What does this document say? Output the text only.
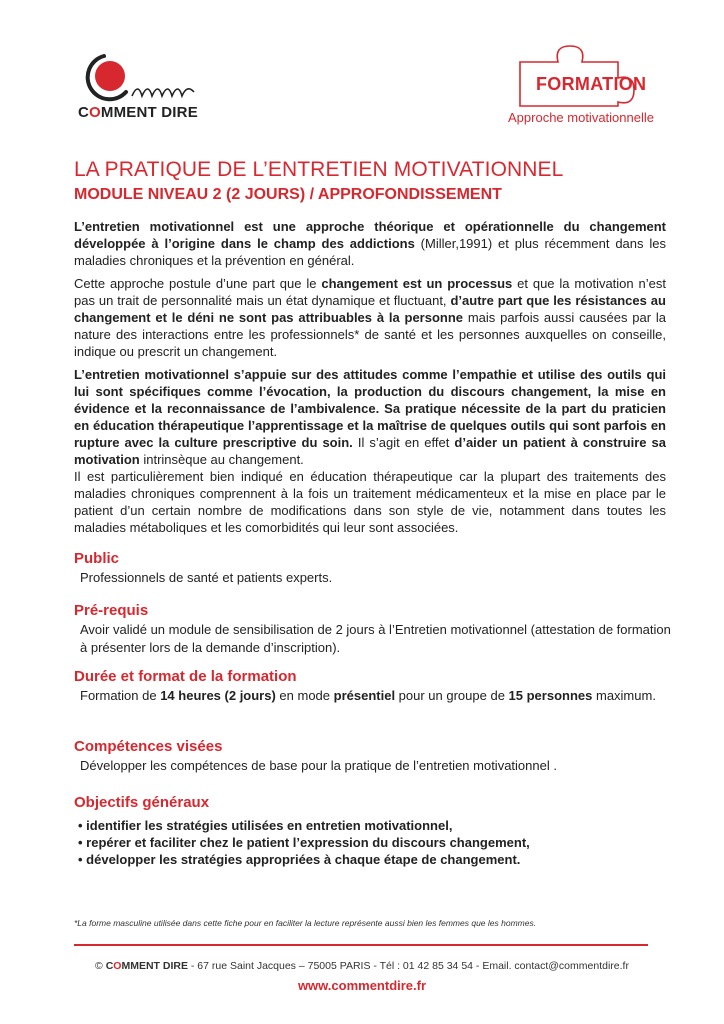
COMMENT DIRE
FORMATION
Approche motivationnelle
LA PRATIQUE DE L’ENTRETIEN MOTIVATIONNEL
MODULE NIVEAU 2 (2 JOURS) / APPROFONDISSEMENT

L’entretien motivationnel est une approche théorique et opérationnelle du changement développée à l’origine dans le champ des addictions (Miller,1991) et plus récemment dans les maladies chroniques et la prévention en général.

Cette approche postule d’une part que le changement est un processus et que la motivation n’est pas un trait de personnalité mais un état dynamique et fluctuant, d’autre part que les résistances au changement et le déni ne sont pas attribuables à la personne mais parfois aussi causées par la nature des interactions entre les professionnels* de santé et les personnes auxquelles on conseille, indique ou prescrit un changement.

L’entretien motivationnel s’appuie sur des attitudes comme l’empathie et utilise des outils qui lui sont spécifiques comme l’évocation, la production du discours changement, la mise en évidence et la reconnaissance de l’ambivalence. Sa pratique nécessite de la part du praticien en éducation thérapeutique l’apprentissage et la maîtrise de quelques outils qui sont parfois en rupture avec la culture prescriptive du soin. Il s’agit en effet d’aider un patient à construire sa motivation intrinsèque au changement.

Il est particulièrement bien indiqué en éducation thérapeutique car la plupart des traitements des maladies chroniques comprennent à la fois un traitement médicamenteux et la mise en place par le patient d’un certain nombre de modifications dans son style de vie, notamment dans toutes les maladies métaboliques et les comorbidités qui leur sont associées.

Public
Professionnels de santé et patients experts.
Pré-requis
Avoir validé un module de sensibilisation de 2 jours à l’Entretien motivationnel (attestation de formation à présenter lors de la demande d’inscription).
Durée et format de la formation
Formation de 14 heures (2 jours) en mode présentiel pour un groupe de 15 personnes maximum.
Compétences visées
Développer les compétences de base pour la pratique de l’entretien motivationnel .
Objectifs généraux
• identifier les stratégies utilisées en entretien motivationnel,
• repérer et faciliter chez le patient l’expression du discours changement,
• développer les stratégies appropriées à chaque étape de changement.
*La forme masculine utilisée dans cette fiche pour en faciliter la lecture représente aussi bien les femmes que les hommes.
© COMMENT DIRE - 67 rue Saint Jacques – 75005 PARIS - Tél : 01 42 85 34 54 - Email. contact@commentdire.fr
www.commentdire.fr
